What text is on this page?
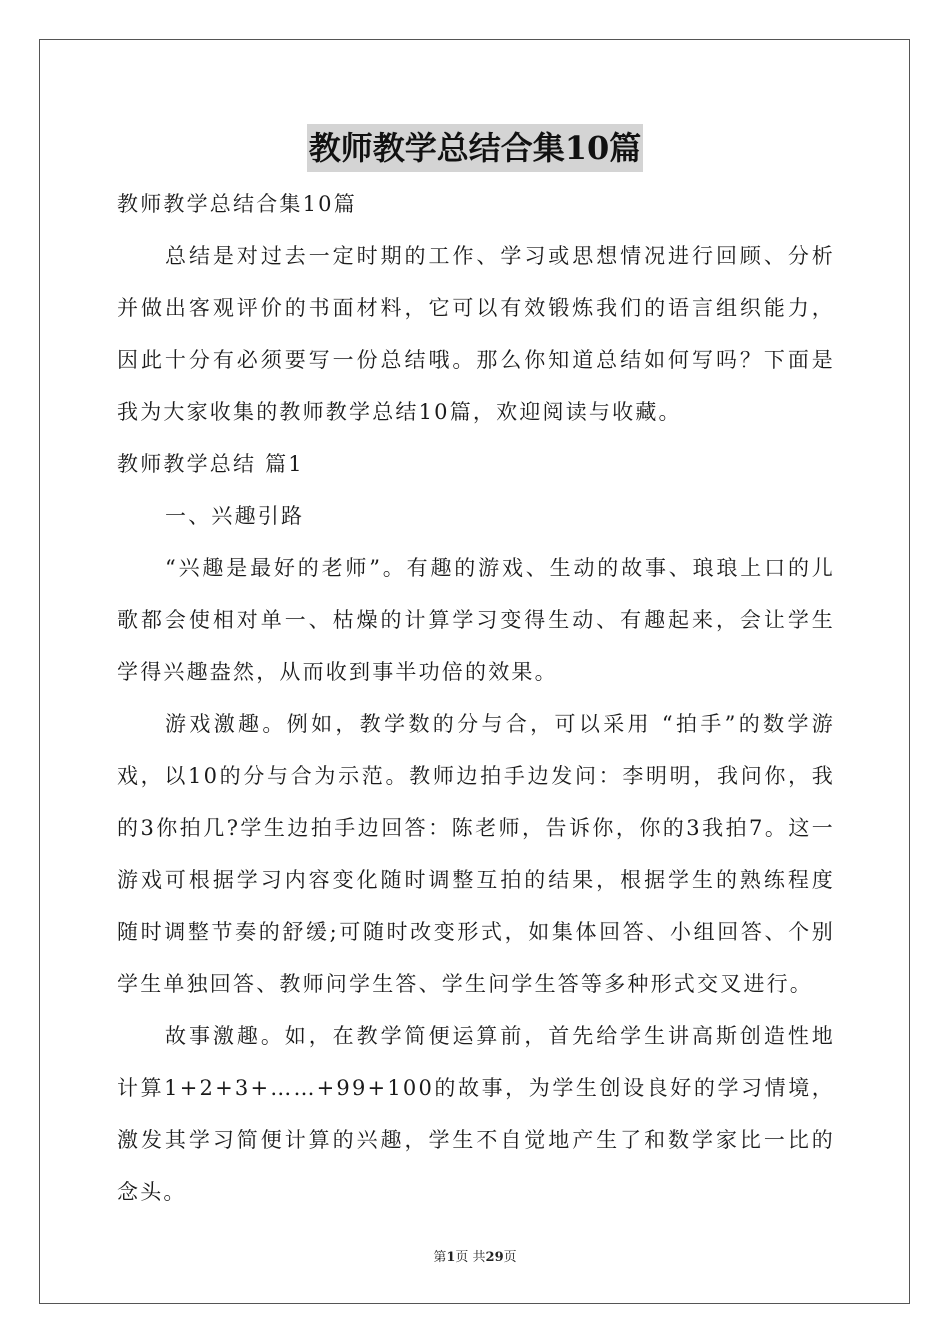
教师教学总结合集10篇

教师教学总结合集10篇

总结是对过去一定时期的工作、学习或思想情况进行回顾、分析并做出客观评价的书面材料，它可以有效锻炼我们的语言组织能力，因此十分有必须要写一份总结哦。那么你知道总结如何写吗？下面是我为大家收集的教师教学总结10篇，欢迎阅读与收藏。

教师教学总结 篇1

一、兴趣引路

“兴趣是最好的老师”。有趣的游戏、生动的故事、琅琅上口的儿歌都会使相对单一、枯燥的计算学习变得生动、有趣起来，会让学生学得兴趣盎然，从而收到事半功倍的效果。

游戏激趣。例如，教学数的分与合，可以采用 “拍手”的数学游戏，以10的分与合为示范。教师边拍手边发问：李明明，我问你，我的3你拍几?学生边拍手边回答：陈老师，告诉你，你的3我拍7。这一游戏可根据学习内容变化随时调整互拍的结果，根据学生的熟练程度随时调整节奏的舒缓;可随时改变形式，如集体回答、小组回答、个别学生单独回答、教师问学生答、学生问学生答等多种形式交叉进行。

故事激趣。如，在教学简便运算前，首先给学生讲高斯创造性地计算1+2+3+……+99+100的故事，为学生创设良好的学习情境，激发其学习简便计算的兴趣，学生不自觉地产生了和数学家比一比的念头。

第1页 共29页
